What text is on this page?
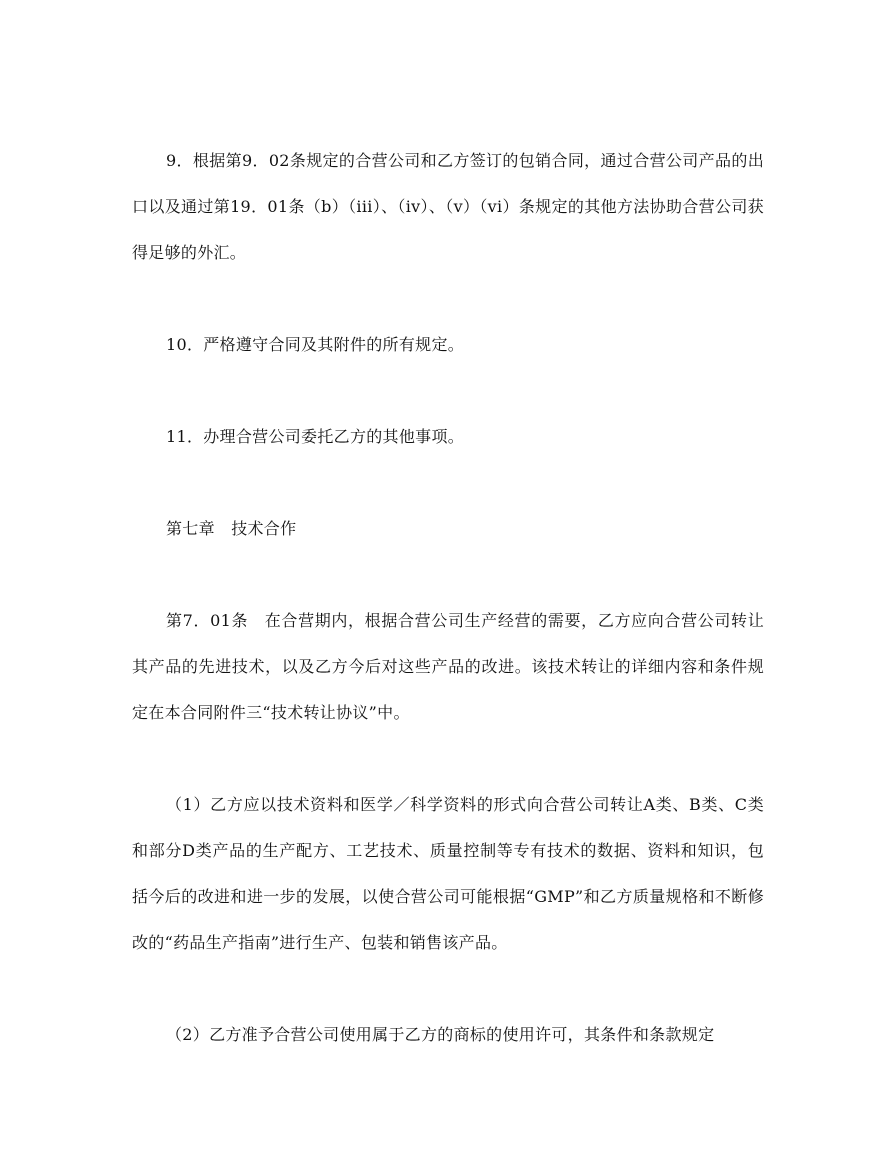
9．根据第9．02条规定的合营公司和乙方签订的包销合同，通过合营公司产品的出口以及通过第19．01条（b）（iii）、（iv）、（v）（vi）条规定的其他方法协助合营公司获得足够的外汇。

10．严格遵守合同及其附件的所有规定。

11．办理合营公司委托乙方的其他事项。

第七章　技术合作

第7．01条　在合营期内，根据合营公司生产经营的需要，乙方应向合营公司转让其产品的先进技术，以及乙方今后对这些产品的改进。该技术转让的详细内容和条件规定在本合同附件三“技术转让协议”中。

（1）乙方应以技术资料和医学／科学资料的形式向合营公司转让A类、B类、C类和部分D类产品的生产配方、工艺技术、质量控制等专有技术的数据、资料和知识，包括今后的改进和进一步的发展，以使合营公司可能根据“GMP”和乙方质量规格和不断修改的“药品生产指南”进行生产、包装和销售该产品。

（2）乙方准予合营公司使用属于乙方的商标的使用许可，其条件和条款规定
